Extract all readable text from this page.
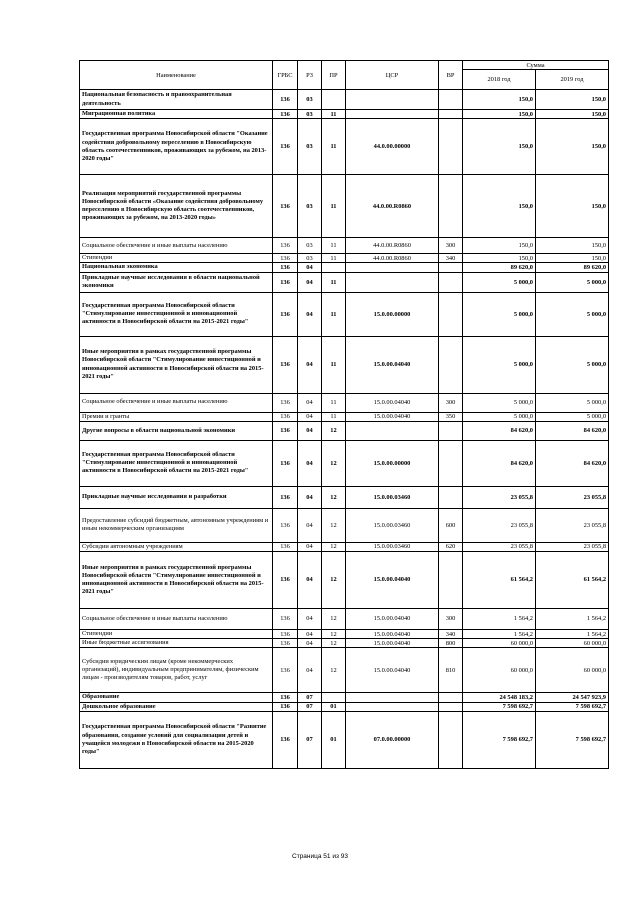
Наименование	ГРБС	РЗ	ПР	ЦСР	ВР	Сумма	
						2018 год	2019 год
Национальная безопасность и правоохранительная деятельность	136	03				150,0	150,0
Миграционная политика	136	03	11			150,0	150,0
Государственная программа Новосибирской области "Оказание содействия добровольному переселению в Новосибирскую область соотечественников, проживающих за рубежом, на 2013-2020 годы"	136	03	11	44.0.00.00000		150,0	150,0
Реализация мероприятий государственной программы Новосибирской области «Оказание содействия добровольному переселению в Новосибирскую область соотечественников, проживающих за рубежом, на 2013-2020 годы»	136	03	11	44.0.00.R0860		150,0	150,0
Социальное обеспечение и иные выплаты населению	136	03	11	44.0.00.R0860	300	150,0	150,0
Стипендии	136	03	11	44.0.00.R0860	340	150,0	150,0
Национальная экономика	136	04				89 620,0	89 620,0
Прикладные научные исследования в области национальной экономики	136	04	11			5 000,0	5 000,0
Государственная программа Новосибирской области "Стимулирование инвестиционной и инновационной активности в Новосибирской области на 2015-2021 годы"	136	04	11	15.0.00.00000		5 000,0	5 000,0
Иные мероприятия в рамках государственной программы Новосибирской области "Стимулирование инвестиционной и инновационной активности в Новосибирской области на 2015-2021 годы"	136	04	11	15.0.00.04040		5 000,0	5 000,0
Социальное обеспечение и иные выплаты населению	136	04	11	15.0.00.04040	300	5 000,0	5 000,0
Премии и гранты	136	04	11	15.0.00.04040	350	5 000,0	5 000,0
Другие вопросы в области национальной экономики	136	04	12			84 620,0	84 620,0
Государственная программа Новосибирской области "Стимулирование инвестиционной и инновационной активности в Новосибирской области на 2015-2021 годы"	136	04	12	15.0.00.00000		84 620,0	84 620,0
Прикладные научные исследования и разработки	136	04	12	15.0.00.03460		23 055,8	23 055,8
Предоставление субсидий бюджетным, автономным учреждениям и иным некоммерческим организациям	136	04	12	15.0.00.03460	600	23 055,8	23 055,8
Субсидии автономным учреждениям	136	04	12	15.0.00.03460	620	23 055,8	23 055,8
Иные мероприятия в рамках государственной программы Новосибирской области "Стимулирование инвестиционной и инновационной активности в Новосибирской области на 2015-2021 годы"	136	04	12	15.0.00.04040		61 564,2	61 564,2
Социальное обеспечение и иные выплаты населению	136	04	12	15.0.00.04040	300	1 564,2	1 564,2
Стипендии	136	04	12	15.0.00.04040	340	1 564,2	1 564,2
Иные бюджетные ассигнования	136	04	12	15.0.00.04040	800	60 000,0	60 000,0
Субсидии юридическим лицам (кроме некоммерческих организаций), индивидуальным предпринимателям, физическим лицам - производителям товаров, работ, услуг	136	04	12	15.0.00.04040	810	60 000,0	60 000,0
Образование	136	07				24 548 183,2	24 547 923,9
Дошкольное образование	136	07	01			7 598 692,7	7 598 692,7
Государственная программа Новосибирской области "Развитие образования, создание условий для социализации детей и учащейся молодежи в Новосибирской области на 2015-2020 годы"	136	07	01	07.0.00.00000		7 598 692,7	7 598 692,7
Страница 51 из 93
